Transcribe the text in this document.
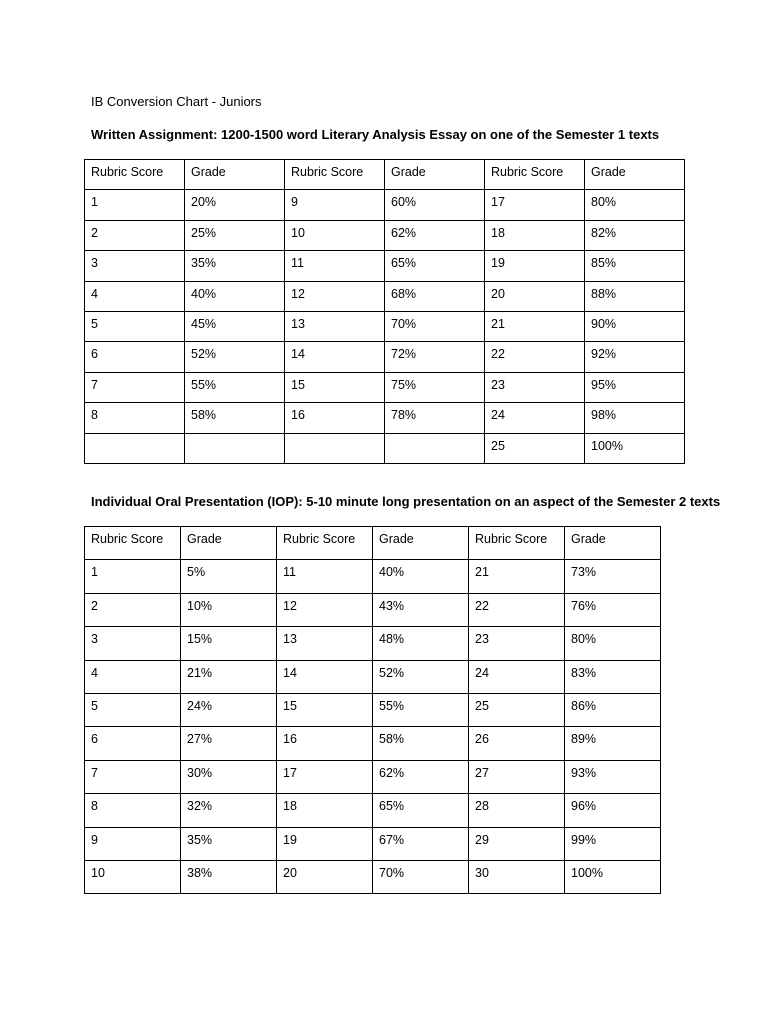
IB Conversion Chart - Juniors
Written Assignment: 1200-1500 word Literary Analysis Essay on one of the Semester 1 texts
Rubric Score	Grade	Rubric Score	Grade	Rubric Score	Grade
1	20%	9	60%	17	80%
2	25%	10	62%	18	82%
3	35%	11	65%	19	85%
4	40%	12	68%	20	88%
5	45%	13	70%	21	90%
6	52%	14	72%	22	92%
7	55%	15	75%	23	95%
8	58%	16	78%	24	98%
				25	100%
Individual Oral Presentation (IOP): 5-10 minute long presentation on an aspect of the Semester 2 texts
Rubric Score	Grade	Rubric Score	Grade	Rubric Score	Grade
1	5%	11	40%	21	73%
2	10%	12	43%	22	76%
3	15%	13	48%	23	80%
4	21%	14	52%	24	83%
5	24%	15	55%	25	86%
6	27%	16	58%	26	89%
7	30%	17	62%	27	93%
8	32%	18	65%	28	96%
9	35%	19	67%	29	99%
10	38%	20	70%	30	100%
